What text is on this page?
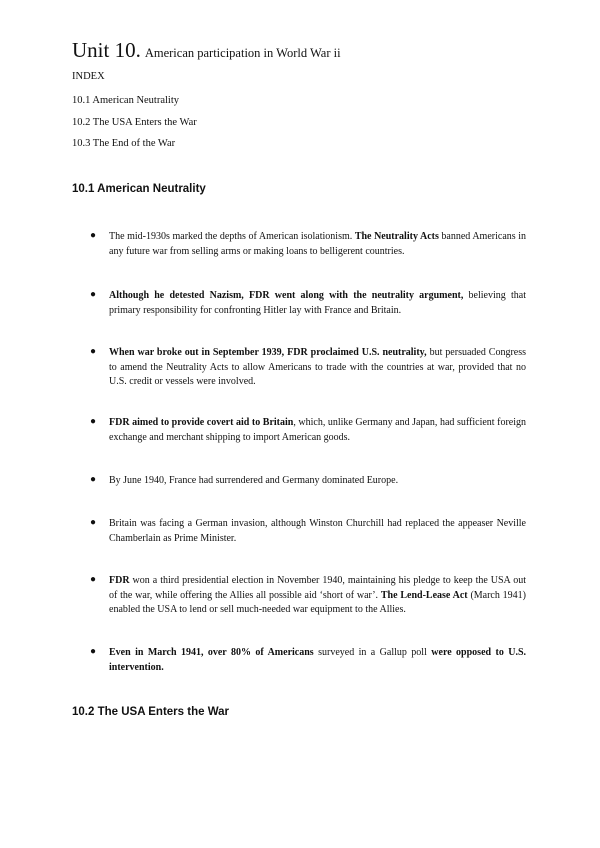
Unit 10. American participation in World War ii
INDEX
10.1 American Neutrality
10.2 The USA Enters the War
10.3 The End of the War
10.1 American Neutrality
● The mid-1930s marked the depths of American isolationism. The Neutrality Acts banned Americans in any future war from selling arms or making loans to belligerent countries.
● Although he detested Nazism, FDR went along with the neutrality argument, believing that primary responsibility for confronting Hitler lay with France and Britain.
● When war broke out in September 1939, FDR proclaimed U.S. neutrality, but persuaded Congress to amend the Neutrality Acts to allow Americans to trade with the countries at war, provided that no U.S. credit or vessels were involved.
● FDR aimed to provide covert aid to Britain, which, unlike Germany and Japan, had sufficient foreign exchange and merchant shipping to import American goods.
● By June 1940, France had surrendered and Germany dominated Europe.
● Britain was facing a German invasion, although Winston Churchill had replaced the appeaser Neville Chamberlain as Prime Minister.
● FDR won a third presidential election in November 1940, maintaining his pledge to keep the USA out of the war, while offering the Allies all possible aid ‘short of war’. The Lend-Lease Act (March 1941) enabled the USA to lend or sell much-needed war equipment to the Allies.
● Even in March 1941, over 80% of Americans surveyed in a Gallup poll were opposed to U.S. intervention.
10.2 The USA Enters the War
